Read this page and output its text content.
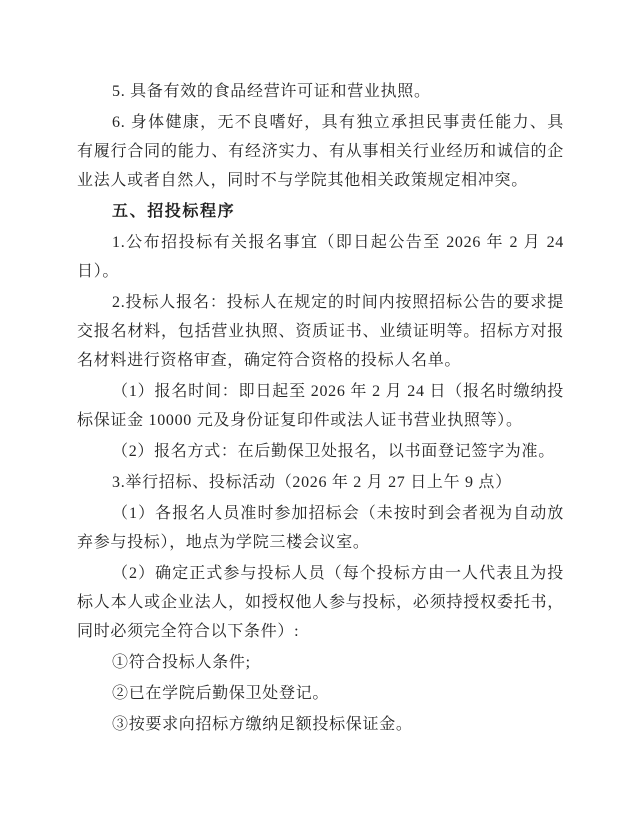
5. 具备有效的食品经营许可证和营业执照。

6. 身体健康，无不良嗜好，具有独立承担民事责任能力、具有履行合同的能力、有经济实力、有从事相关行业经历和诚信的企业法人或者自然人，同时不与学院其他相关政策规定相冲突。

五、招投标程序

1.公布招投标有关报名事宜（即日起公告至 2026 年 2 月 24 日）。

2.投标人报名：投标人在规定的时间内按照招标公告的要求提交报名材料，包括营业执照、资质证书、业绩证明等。招标方对报名材料进行资格审查，确定符合资格的投标人名单。

（1）报名时间：即日起至 2026 年 2 月 24 日（报名时缴纳投标保证金 10000 元及身份证复印件或法人证书营业执照等）。

（2）报名方式：在后勤保卫处报名，以书面登记签字为准。

3.举行招标、投标活动（2026 年 2 月 27 日上午 9 点）

（1）各报名人员准时参加招标会（未按时到会者视为自动放弃参与投标），地点为学院三楼会议室。

（2）确定正式参与投标人员（每个投标方由一人代表且为投标人本人或企业法人，如授权他人参与投标，必须持授权委托书，同时必须完全符合以下条件）:

①符合投标人条件;

②已在学院后勤保卫处登记。

③按要求向招标方缴纳足额投标保证金。
